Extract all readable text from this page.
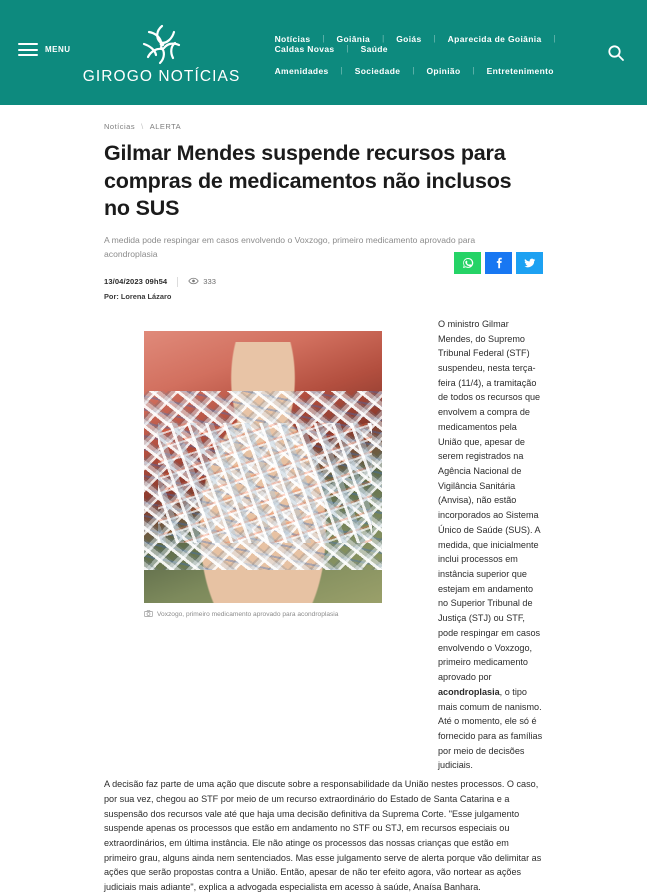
MENU
GIROGO NOTÍCIAS
Notícias	|	Goiânia	|	Goiás	|	Aparecida de Goiânia	|
Caldas Novas	|	Saúde
Amenidades	|	Sociedade	|	Opinião	|	Entretenimento
Notícias \ ALERTA
Gilmar Mendes suspende recursos para compras de medicamentos não inclusos no SUS

A medida pode respingar em casos envolvendo o Voxzogo, primeiro medicamento aprovado para acondroplasia

13/04/2023 09h54	333
Por: Lorena Lázaro
Voxzogo, primeiro medicamento aprovado para acondroplasia

O ministro Gilmar Mendes, do Supremo Tribunal Federal (STF) suspendeu, nesta terça-feira (11/4), a tramitação de todos os recursos que envolvem a compra de medicamentos pela União que, apesar de serem registrados na Agência Nacional de Vigilância Sanitária (Anvisa), não estão incorporados ao Sistema Único de Saúde (SUS). A medida, que inicialmente inclui processos em instância superior que estejam em andamento no Superior Tribunal de Justiça (STJ) ou STF, pode respingar em casos envolvendo o Voxzogo, primeiro medicamento aprovado por acondroplasia, o tipo mais comum de nanismo. Até o momento, ele só é fornecido para as famílias por meio de decisões judiciais.

A decisão faz parte de uma ação que discute sobre a responsabilidade da União nestes processos. O caso, por sua vez, chegou ao STF por meio de um recurso extraordinário do Estado de Santa Catarina e a suspensão dos recursos vale até que haja uma decisão definitiva da Suprema Corte. "Esse julgamento suspende apenas os processos que estão em andamento no STF ou STJ, em recursos especiais ou extraordinários, em última instância. Ele não atinge os processos das nossas crianças que estão em primeiro grau, alguns ainda nem sentenciados. Mas esse julgamento serve de alerta porque vão delimitar as ações que serão propostas contra a União. Então, apesar de não ter efeito agora, vão nortear as ações judiciais mais adiante", explica a advogada especialista em acesso à saúde, Anaísa Banhara.
